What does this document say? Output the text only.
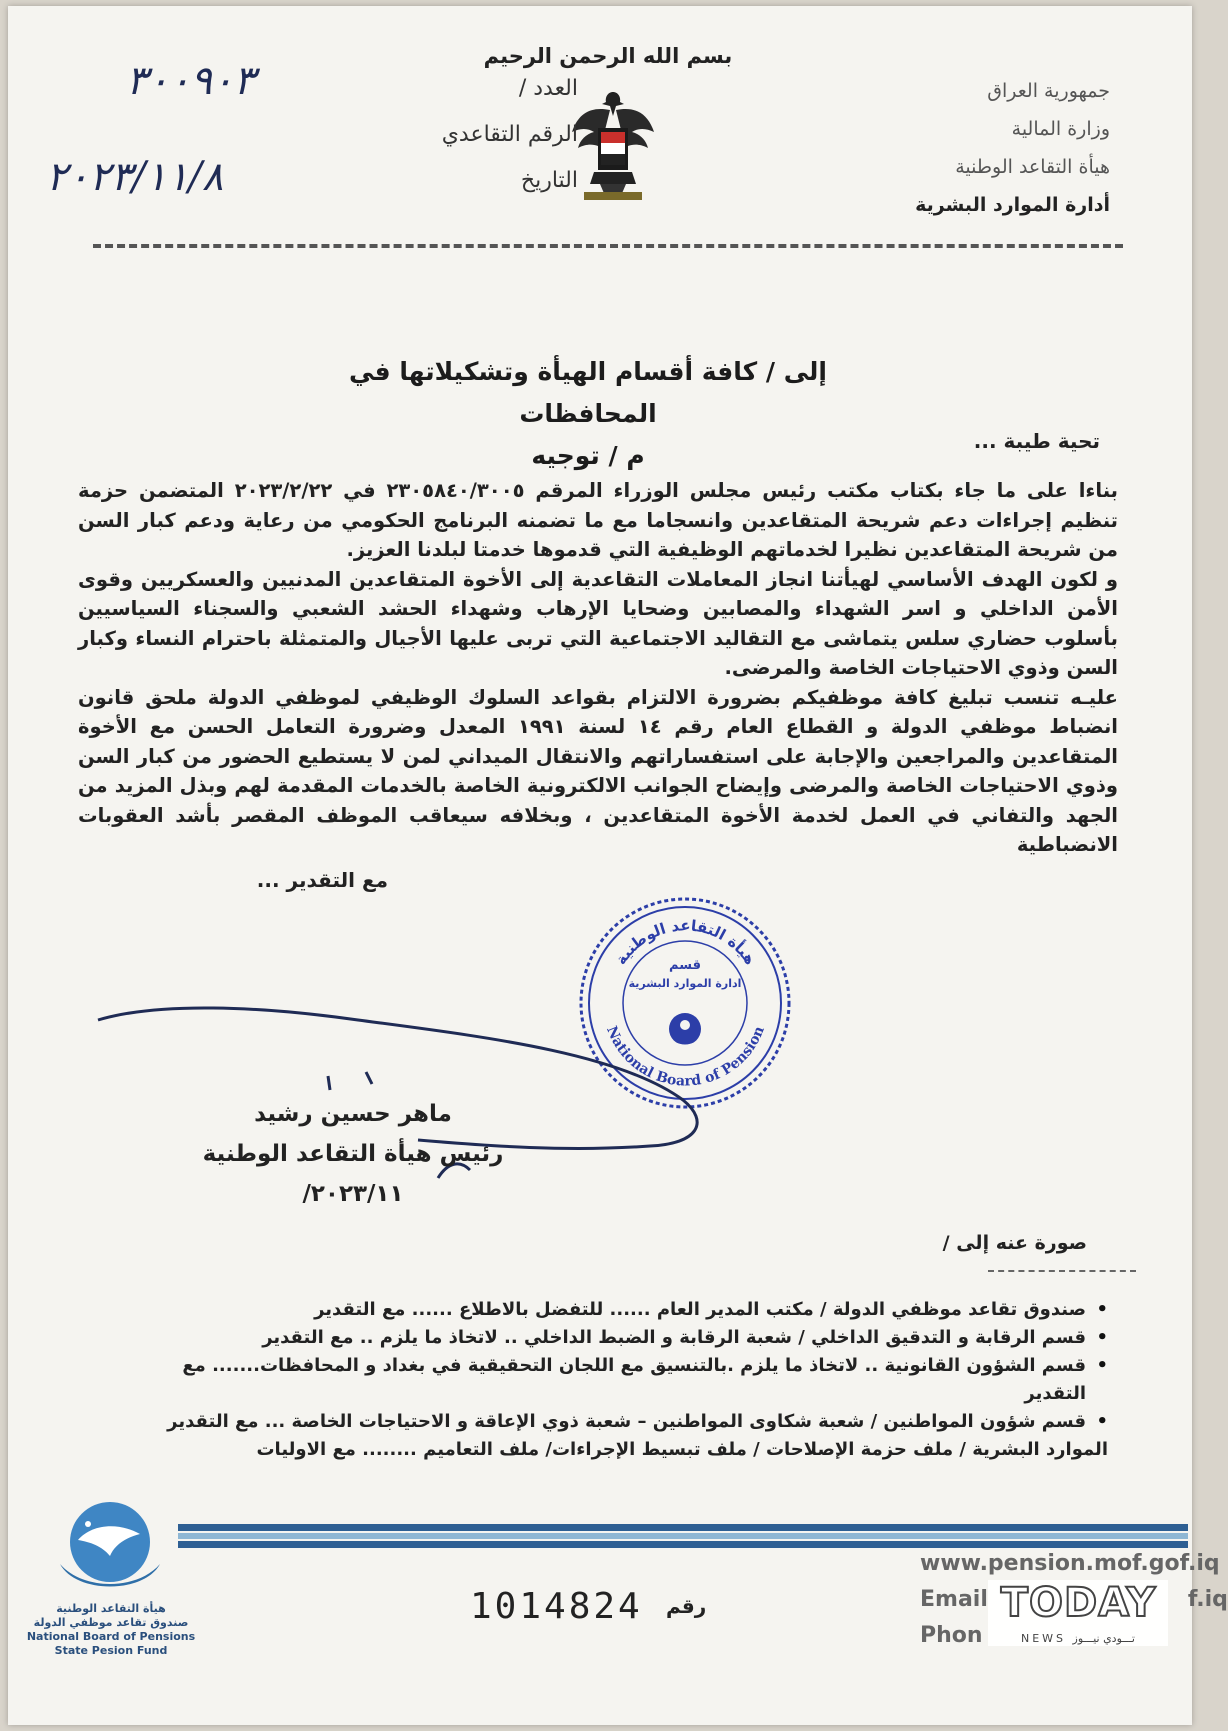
بسم الله الرحمن الرحيم
جمهورية العراق
وزارة المالية
هيأة التقاعد الوطنية
أدارة الموارد البشرية
العدد /
الرقم التقاعدي
التاريخ
٣٠٠٩٠٣
٢٠٢٣/١١/٨
إلى / كافة أقسام الهيأة وتشكيلاتها في المحافظات
م / توجيه	تحية طيبة ...

بناءا على ما جاء بكتاب مكتب رئيس مجلس الوزراء المرقم ٢٣٠٥٨٤٠/٣٠٠٥ في ٢٠٢٣/٢/٢٢ المتضمن حزمة تنظيم إجراءات دعم شريحة المتقاعدين وانسجاما مع ما تضمنه البرنامج الحكومي من رعاية ودعم كبار السن من شريحة المتقاعدين نظيرا لخدماتهم الوظيفية التي قدموها خدمتا لبلدنا العزيز.

و لكون الهدف الأساسي لهيأتنا انجاز المعاملات التقاعدية إلى الأخوة المتقاعدين المدنيين والعسكريين وقوى الأمن الداخلي و اسر الشهداء والمصابين وضحايا الإرهاب وشهداء الحشد الشعبي والسجناء السياسيين بأسلوب حضاري سلس يتماشى مع التقاليد الاجتماعية التي تربى عليها الأجيال والمتمثلة باحترام النساء وكبار السن وذوي الاحتياجات الخاصة والمرضى.

عليـه تنسب تبليغ كافة موظفيكم بضرورة الالتزام بقواعد السلوك الوظيفي لموظفي الدولة ملحق قانون انضباط موظفي الدولة و القطاع العام رقم ١٤ لسنة ١٩٩١ المعدل وضرورة التعامل الحسن مع الأخوة المتقاعدين والمراجعين والإجابة على استفساراتهم والانتقال الميداني لمن لا يستطيع الحضور من كبار السن وذوي الاحتياجات الخاصة والمرضى وإيضاح الجوانب الالكترونية الخاصة بالخدمات المقدمة لهم وبذل المزيد من الجهد والتفاني في العمل لخدمة الأخوة المتقاعدين ، وبخلافه سيعاقب الموظف المقصر بأشد العقوبات الانضباطية

مع التقدير ...
هيأة التقاعد الوطنية
National Board of Pension
قسم
ادارة الموارد البشرية
ماهر حسين رشيد
رئيس هيأة التقاعد الوطنية
٢٠٢٣/١١/
صورة عنه إلى /
• صندوق تقاعد موظفي الدولة / مكتب المدير العام ...... للتفضل بالاطلاع ...... مع التقدير
• قسم الرقابة و التدقيق الداخلي / شعبة الرقابة و الضبط الداخلي .. لاتخاذ ما يلزم .. مع التقدير
• قسم الشؤون القانونية .. لاتخاذ ما يلزم .بالتنسيق مع اللجان التحقيقية في بغداد و المحافظات....... مع التقدير
• قسم شؤون المواطنين / شعبة شكاوى المواطنين – شعبة ذوي الإعاقة و الاحتياجات الخاصة ... مع التقدير
الموارد البشرية / ملف حزمة الإصلاحات / ملف تبسيط الإجراءات/ ملف التعاميم ........ مع الاوليات
هيأة التقاعد الوطنية
صندوق تقاعد موظفي الدولة
National Board of Pensions
State Pesion Fund
1014824 رقم
www.pension.mof.gof.iq
Email	f.iq
Phon
TODAY
NEWS تـــودي نيـــوز
